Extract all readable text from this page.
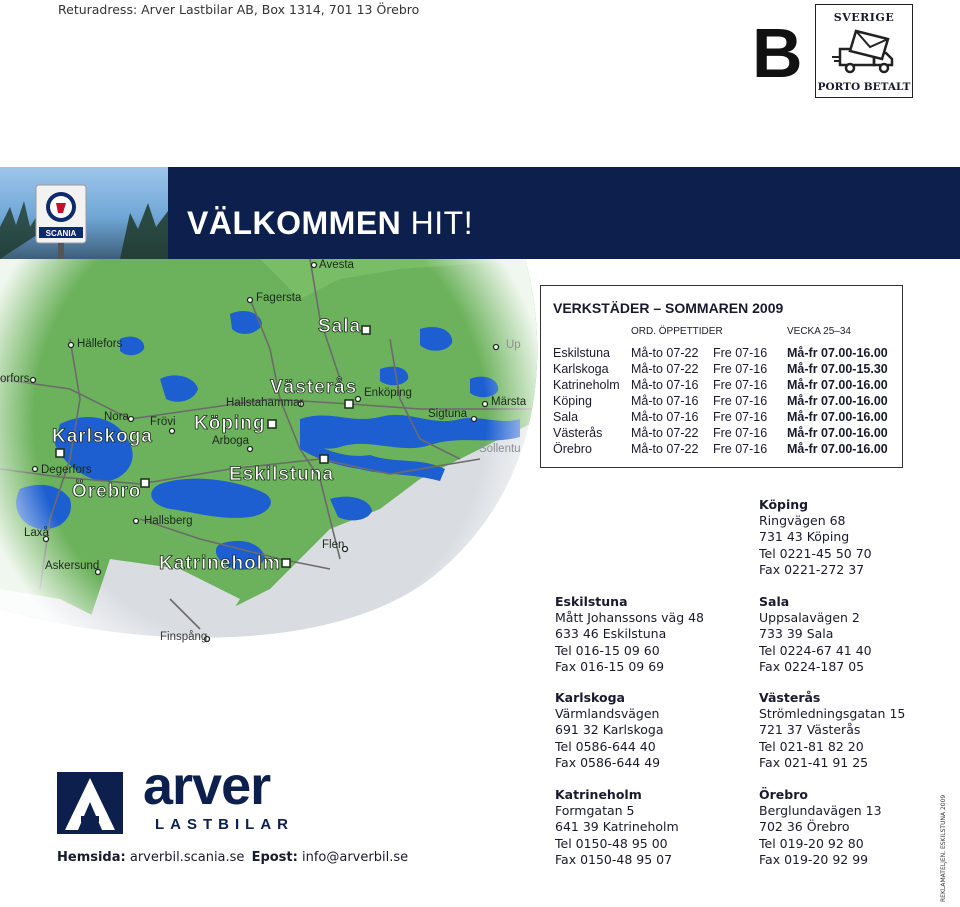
Returadress: Arver Lastbilar AB, Box 1314, 701 13 Örebro
B	SVERIGE
PORTO BETALT
SCANIA	VÄLKOMMEN HIT!
Sala
Västerås
Köping
Karlskoga
Eskilstuna
Örebro
Katrineholm
Avesta
Fagersta
Hällefors
orfors
Hallstahammar
Enköping
Nora Frövi
Arboga
Sigtuna
Märsta
Up
Sollentu
Degerfors
Hallsberg
Laxå
Askersund
Flen
Finspång
VERKSTÄDER – SOMMAREN 2009
ORD. ÖPPETTIDER	VECKA 25–34
Eskilstuna Må-to 07-22 Fre 07-16 Må-fr 07.00-16.00
Karlskoga Må-to 07-22 Fre 07-16 Må-fr 07.00-15.30
Katrineholm Må-to 07-16 Fre 07-16 Må-fr 07.00-16.00
Köping	Må-to 07-16 Fre 07-16 Må-fr 07.00-16.00
Sala	Må-to 07-16 Fre 07-16 Må-fr 07.00-16.00
Västerås Må-to 07-22 Fre 07-16 Må-fr 07.00-16.00
Örebro	Må-to 07-22 Fre 07-16 Må-fr 07.00-16.00
Köping
Ringvägen 68
731 43 Köping
Tel 0221-45 50 70
Fax 0221-272 37
Eskilstuna
Mått Johanssons väg 48
633 46 Eskilstuna
Tel 016-15 09 60
Fax 016-15 09 69
Sala
Uppsalavägen 2
733 39 Sala
Tel 0224-67 41 40
Fax 0224-187 05
Karlskoga
Värmlandsvägen
691 32 Karlskoga
Tel 0586-644 40
Fax 0586-644 49
Västerås
Strömledningsgatan 15
721 37 Västerås
Tel 021-81 82 20
Fax 021-41 91 25
Katrineholm
Formgatan 5
641 39 Katrineholm
Tel 0150-48 95 00
Fax 0150-48 95 07
Örebro
Berglundavägen 13
702 36 Örebro
Tel 019-20 92 80
Fax 019-20 92 99
arver
LASTBILAR
Hemsida: arverbil.scania.se Epost: info@arverbil.se	REKLAMATELJEN, ESKILSTUNA 2009
